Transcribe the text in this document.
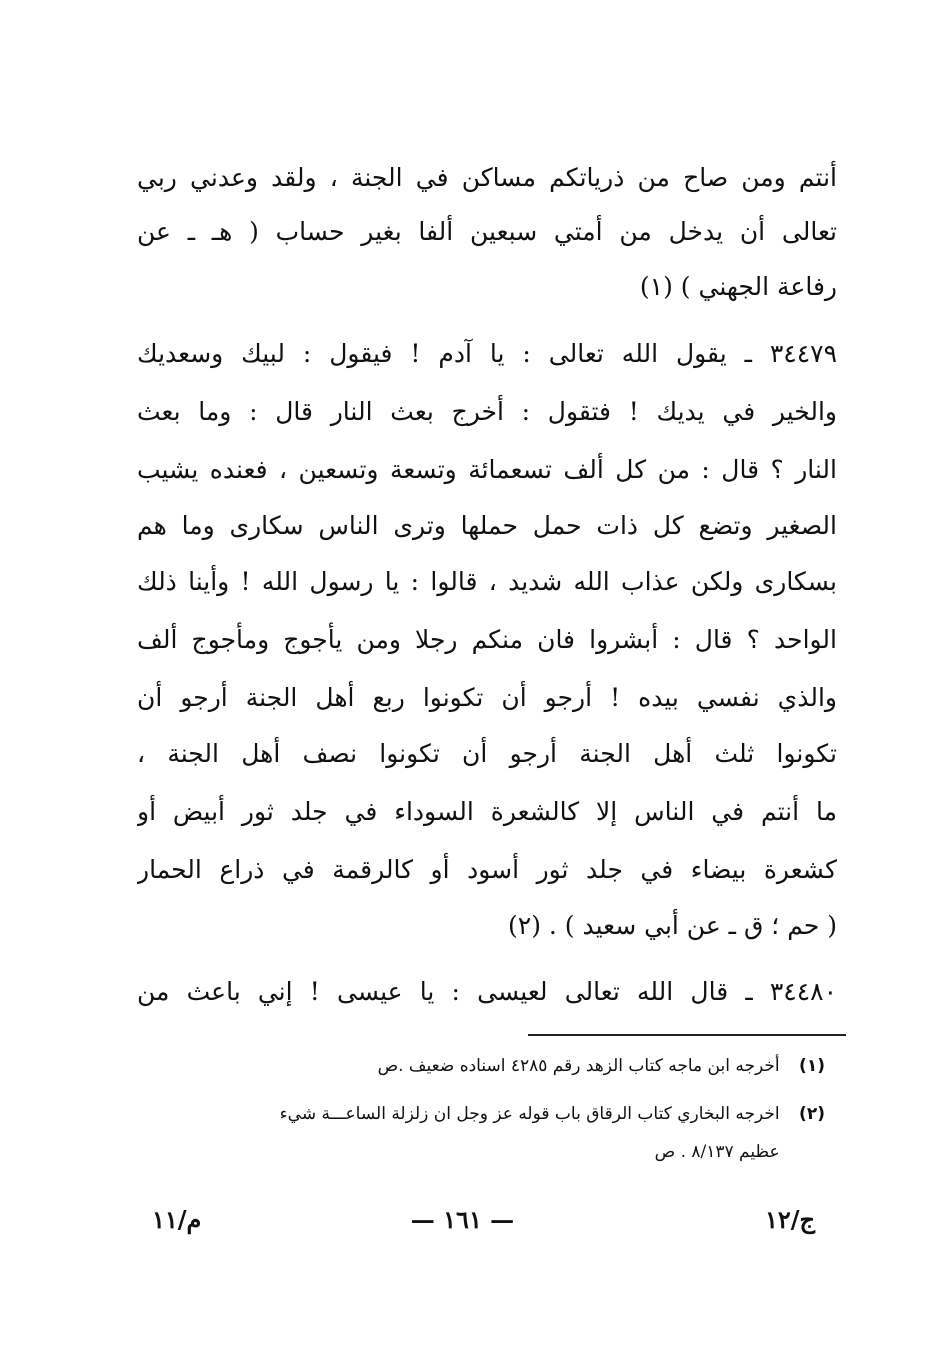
أنتم ومن صاح من ذرياتكم مساكن في الجنة ، ولقد وعدني ربي
تعالى أن يدخل من أمتي سبعين ألفا بغير حساب ( هـ ـ عن
رفاعة الجهني ) (١)
٣٤٤٧٩ ـ يقول الله تعالى : يا آدم ! فيقول : لبيك وسعديك
والخير في يديك ! فتقول : أخرج بعث النار قال : وما بعث
النار ؟ قال : من كل ألف تسعمائة وتسعة وتسعين ، فعنده يشيب
الصغير وتضع كل ذات حمل حملها وترى الناس سكارى وما هم
بسكارى ولكن عذاب الله شديد ، قالوا : يا رسول الله ! وأينا ذلك
الواحد ؟ قال : أبشروا فان منكم رجلا ومن يأجوج ومأجوج ألف
والذي نفسي بيده ! أرجو أن تكونوا ربع أهل الجنة أرجو أن
تكونوا ثلث أهل الجنة أرجو أن تكونوا نصف أهل الجنة ،
ما أنتم في الناس إلا كالشعرة السوداء في جلد ثور أبيض أو
كشعرة بيضاء في جلد ثور أسود أو كالرقمة في ذراع الحمار
( حم ؛ ق ـ عن أبي سعيد ) . (٢)
٣٤٤٨٠ ـ قال الله تعالى لعيسى : يا عيسى ! إني باعث من
(١) أخرجه ابن ماجه كتاب الزهد رقم ٤٢٨٥ اسناده ضعيف .ص
(٢) اخرجه البخاري كتاب الرقاق باب قوله عز وجل ان زلزلة الساعـــة شيء
عظيم ٨/١٣٧ . ص
م/١١	— ١٦١ —	ج/١٢
